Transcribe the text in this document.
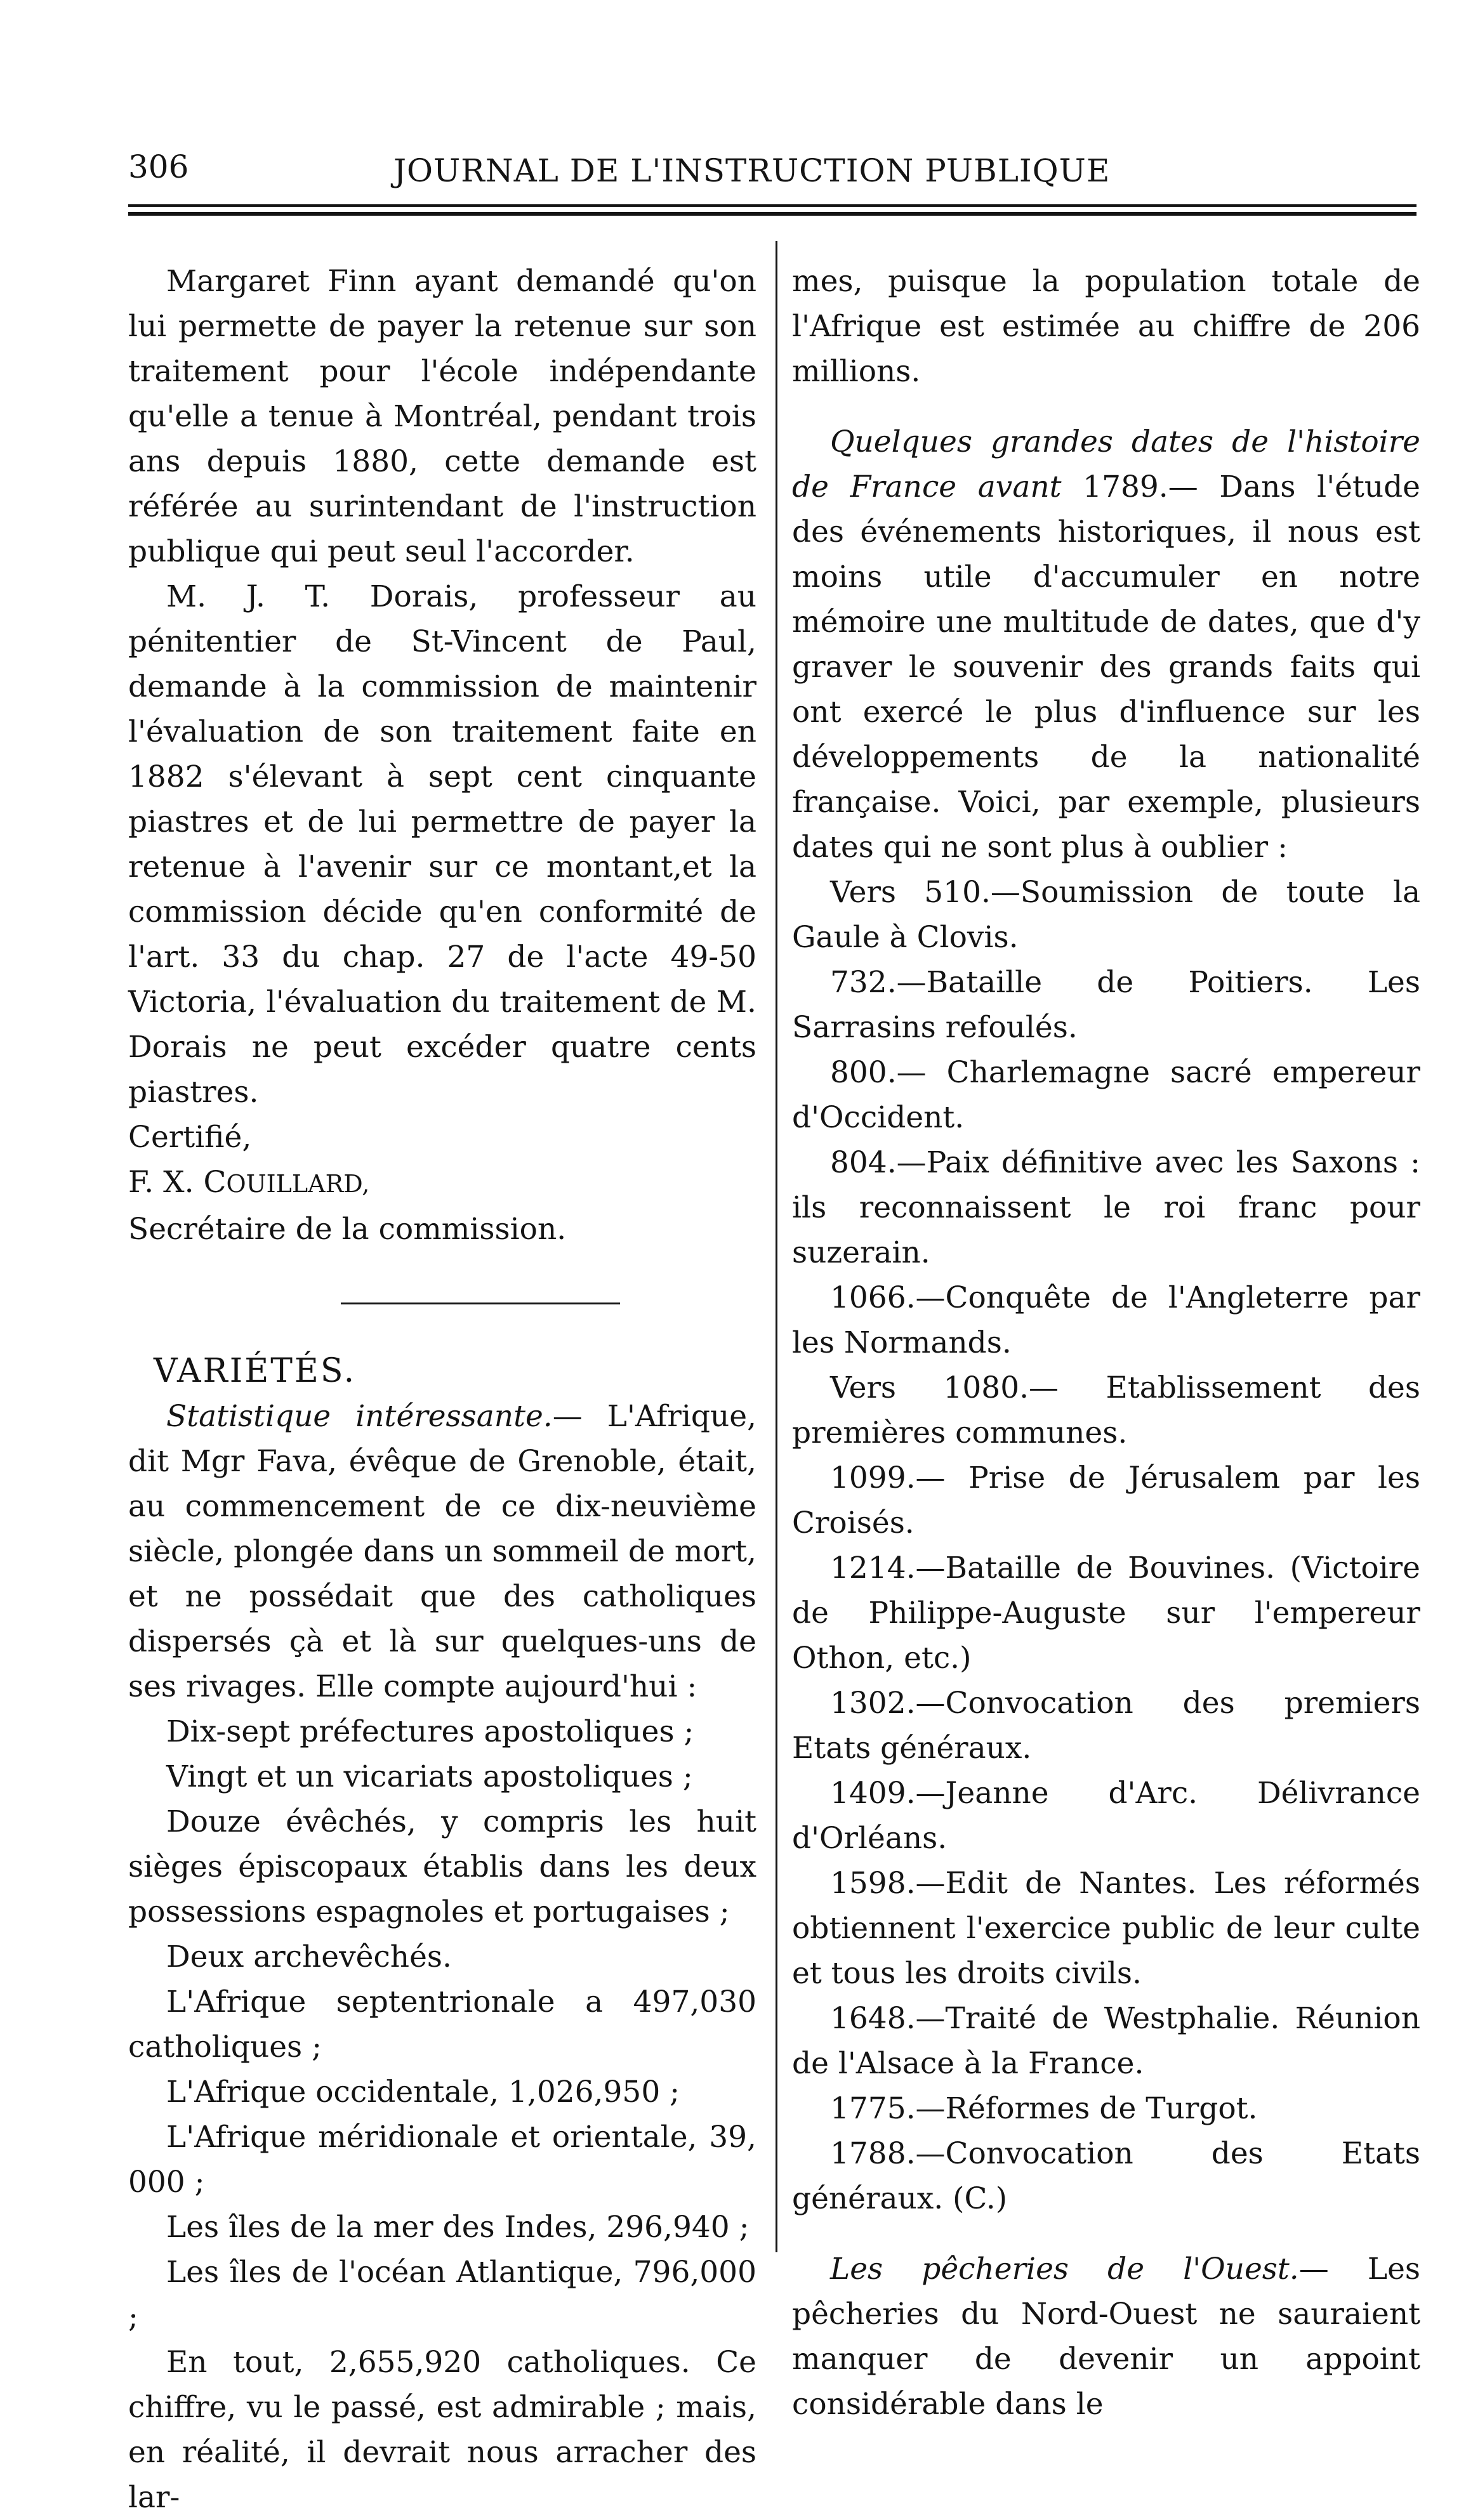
306	JOURNAL DE L'INSTRUCTION PUBLIQUE

Margaret Finn ayant demandé qu'on lui permette de payer la retenue sur son traitement pour l'école indépendante qu'elle a tenue à Montréal, pendant trois ans depuis 1880, cette demande est référée au surintendant de l'instruction publique qui peut seul l'accorder.

M. J. T. Dorais, professeur au pénitentier de St-Vincent de Paul, demande à la commission de maintenir l'évaluation de son traitement faite en 1882 s'élevant à sept cent cinquante piastres et de lui permettre de payer la retenue à l'avenir sur ce montant,et la commission décide qu'en conformité de l'art. 33 du chap. 27 de l'acte 49-50 Victoria, l'évaluation du traitement de M. Dorais ne peut excéder quatre cents piastres.

Certifié,

F. X. COUILLARD,

Secrétaire de la commission.

VARIÉTÉS.

Statistique intéressante.— L'Afrique, dit Mgr Fava, évêque de Grenoble, était, au commencement de ce dix-neuvième siècle, plongée dans un sommeil de mort, et ne possédait que des catholiques dispersés çà et là sur quelques-uns de ses rivages. Elle compte aujourd'hui :

Dix-sept préfectures apostoliques ;

Vingt et un vicariats apostoliques ;

Douze évêchés, y compris les huit sièges épiscopaux établis dans les deux possessions espagnoles et portugaises ;

Deux archevêchés.

L'Afrique septentrionale a 497,030 catholiques ;

L'Afrique occidentale, 1,026,950 ;

L'Afrique méridionale et orientale, 39, 000 ;

Les îles de la mer des Indes, 296,940 ;

Les îles de l'océan Atlantique, 796,000 ;

En tout, 2,655,920 catholiques. Ce chiffre, vu le passé, est admirable ; mais, en réalité, il devrait nous arracher des lar-

mes, puisque la population totale de l'Afrique est estimée au chiffre de 206 millions.

Quelques grandes dates de l'histoire de France avant 1789.— Dans l'étude des événements historiques, il nous est moins utile d'accumuler en notre mémoire une multitude de dates, que d'y graver le souvenir des grands faits qui ont exercé le plus d'influence sur les développements de la nationalité française. Voici, par exemple, plusieurs dates qui ne sont plus à oublier :

Vers 510.—Soumission de toute la Gaule à Clovis.

732.—Bataille de Poitiers. Les Sarrasins refoulés.

800.— Charlemagne sacré empereur d'Occident.

804.—Paix définitive avec les Saxons : ils reconnaissent le roi franc pour suzerain.

1066.—Conquête de l'Angleterre par les Normands.

Vers 1080.— Etablissement des premières communes.

1099.— Prise de Jérusalem par les Croisés.

1214.—Bataille de Bouvines. (Victoire de Philippe-Auguste sur l'empereur Othon, etc.)

1302.—Convocation des premiers Etats généraux.

1409.—Jeanne d'Arc. Délivrance d'Orléans.

1598.—Edit de Nantes. Les réformés obtiennent l'exercice public de leur culte et tous les droits civils.

1648.—Traité de Westphalie. Réunion de l'Alsace à la France.

1775.—Réformes de Turgot.

1788.—Convocation des Etats généraux. (C.)

Les pêcheries de l'Ouest.— Les pêcheries du Nord-Ouest ne sauraient manquer de devenir un appoint considérable dans le
